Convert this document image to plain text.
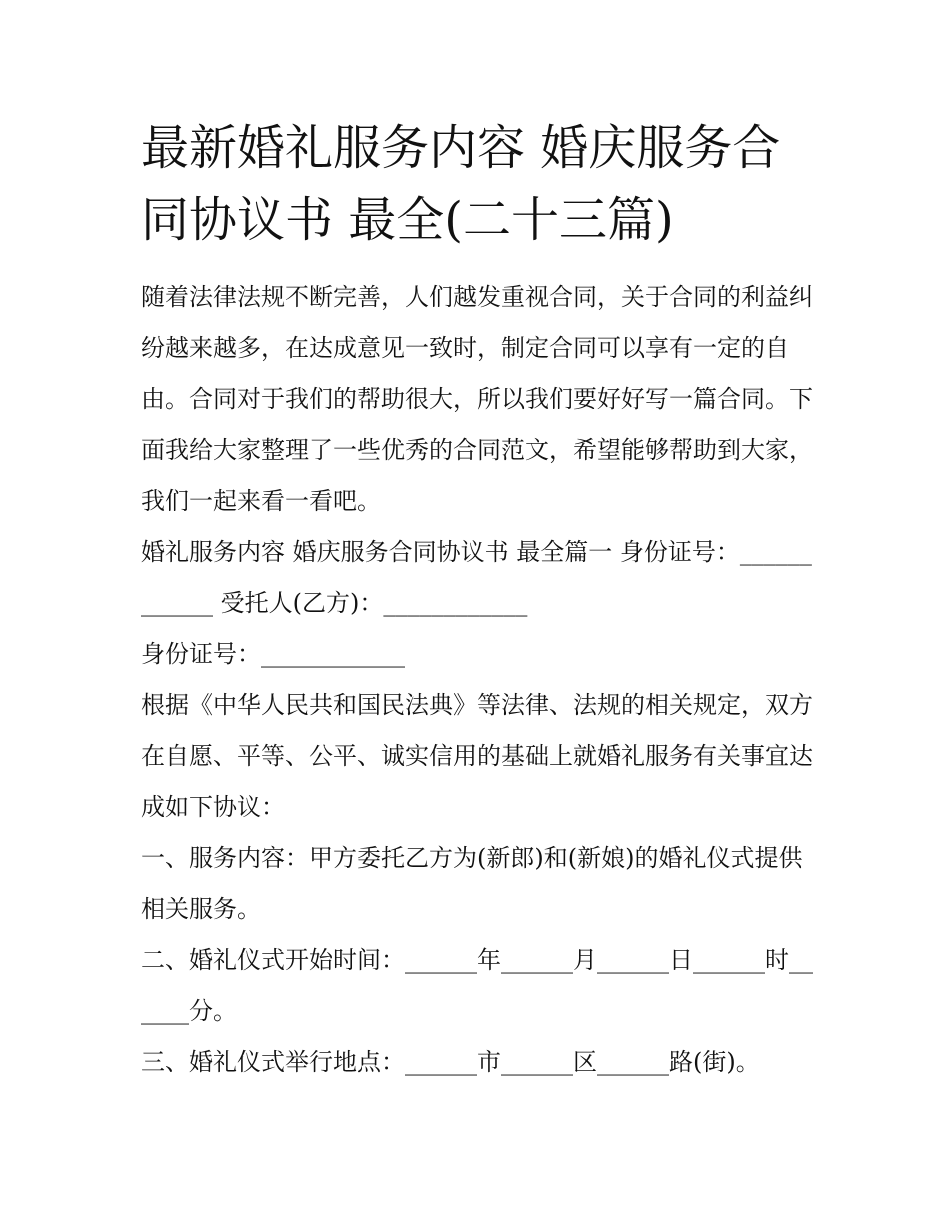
最新婚礼服务内容 婚庆服务合同协议书 最全(二十三篇)

随着法律法规不断完善，人们越发重视合同，关于合同的利益纠纷越来越多，在达成意见一致时，制定合同可以享有一定的自由。合同对于我们的帮助很大，所以我们要好好写一篇合同。下面我给大家整理了一些优秀的合同范文，希望能够帮助到大家，我们一起来看一看吧。

婚礼服务内容 婚庆服务合同协议书 最全篇一 身份证号：____________ 受托人(乙方)：____________

身份证号：____________

根据《中华人民共和国民法典》等法律、法规的相关规定，双方在自愿、平等、公平、诚实信用的基础上就婚礼服务有关事宜达成如下协议：

一、服务内容：甲方委托乙方为(新郎)和(新娘)的婚礼仪式提供相关服务。

二、婚礼仪式开始时间：______年______月______日______时______分。

三、婚礼仪式举行地点：______市______区______路(街)。
